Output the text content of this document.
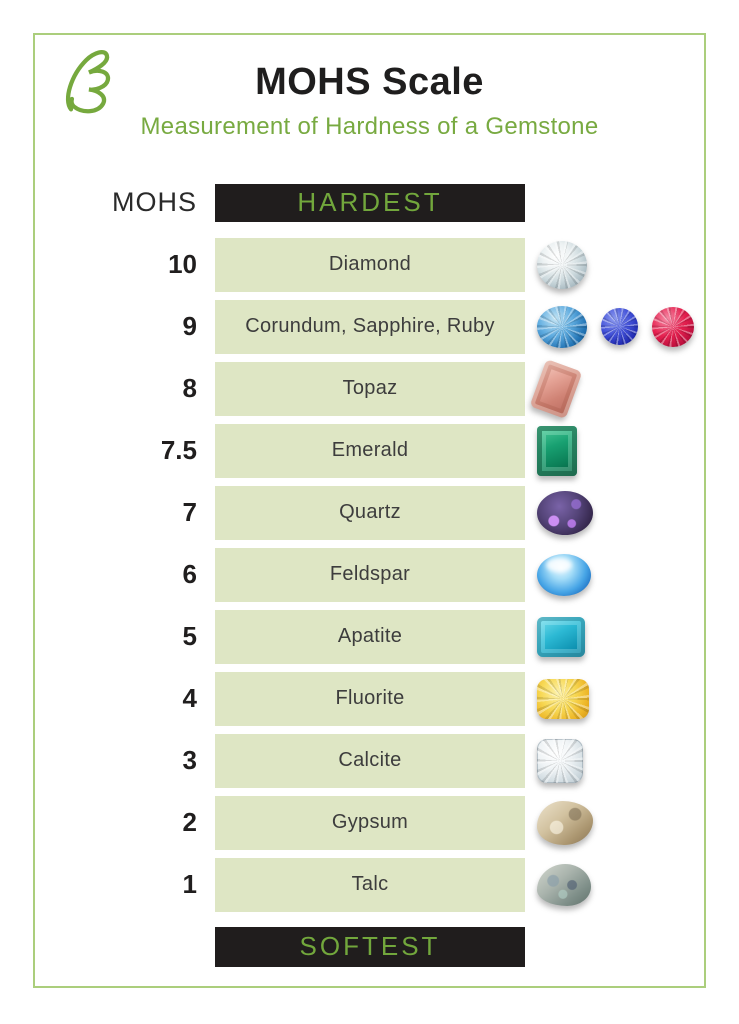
MOHS Scale
Measurement of Hardness of a Gemstone
MOHS	HARDEST
10	Diamond
9	Corundum, Sapphire, Ruby
8	Topaz
7.5	Emerald
7	Quartz
6	Feldspar
5	Apatite
4	Fluorite
3	Calcite
2	Gypsum
1	Talc
SOFTEST
